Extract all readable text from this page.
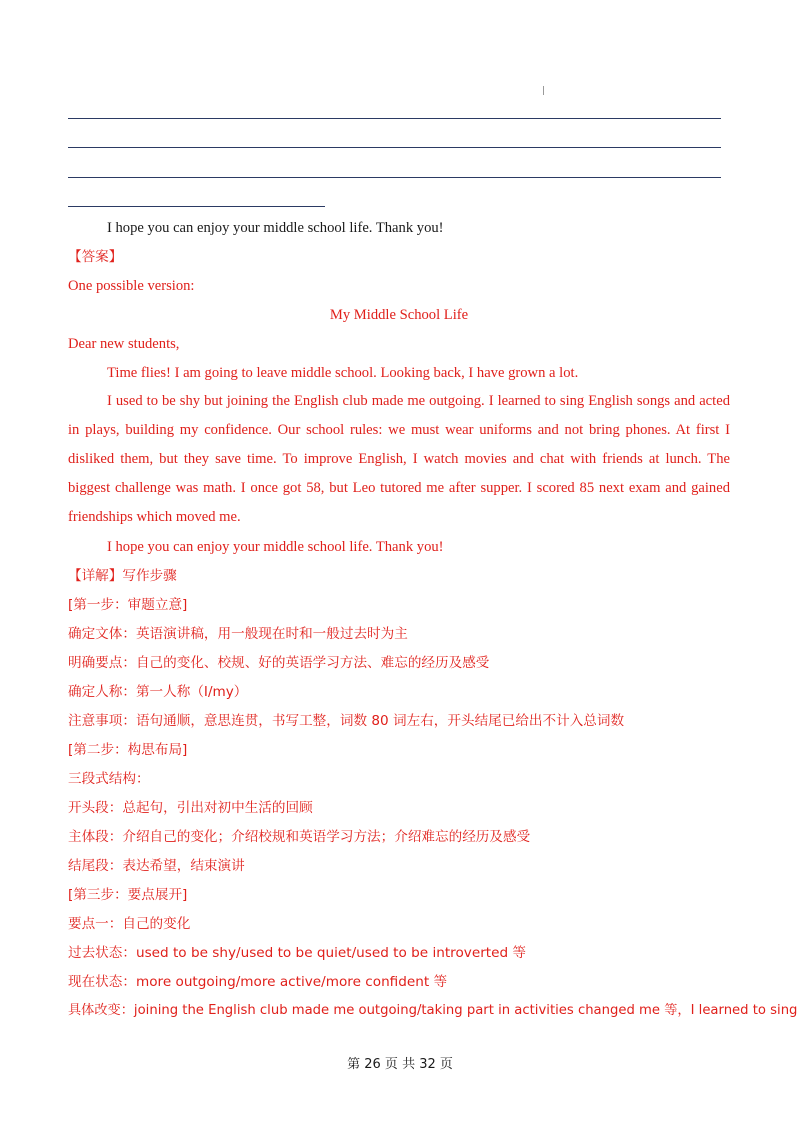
I hope you can enjoy your middle school life. Thank you!
【答案】
One possible version:
My Middle School Life
Dear new students,
Time flies! I am going to leave middle school. Looking back, I have grown a lot.
I used to be shy but joining the English club made me outgoing. I learned to sing English songs and acted in plays, building my confidence. Our school rules: we must wear uniforms and not bring phones. At first I disliked them, but they save time. To improve English, I watch movies and chat with friends at lunch. The biggest challenge was math. I once got 58, but Leo tutored me after supper. I scored 85 next exam and gained friendships which moved me.
I hope you can enjoy your middle school life. Thank you!
【详解】写作步骤
[第一步：审题立意]
确定文体：英语演讲稿，用一般现在时和一般过去时为主
明确要点：自己的变化、校规、好的英语学习方法、难忘的经历及感受
确定人称：第一人称（I/my）
注意事项：语句通顺，意思连贯，书写工整，词数 80 词左右，开头结尾已给出不计入总词数
[第二步：构思布局]
三段式结构：
开头段：总起句，引出对初中生活的回顾
主体段：介绍自己的变化；介绍校规和英语学习方法；介绍难忘的经历及感受
结尾段：表达希望，结束演讲
[第三步：要点展开]
要点一：自己的变化
过去状态：used to be shy/used to be quiet/used to be introverted 等
现在状态：more outgoing/more active/more confident 等
具体改变：joining the English club made me outgoing/taking part in activities changed me 等，I learned to sing
第 26 页 共 32 页
